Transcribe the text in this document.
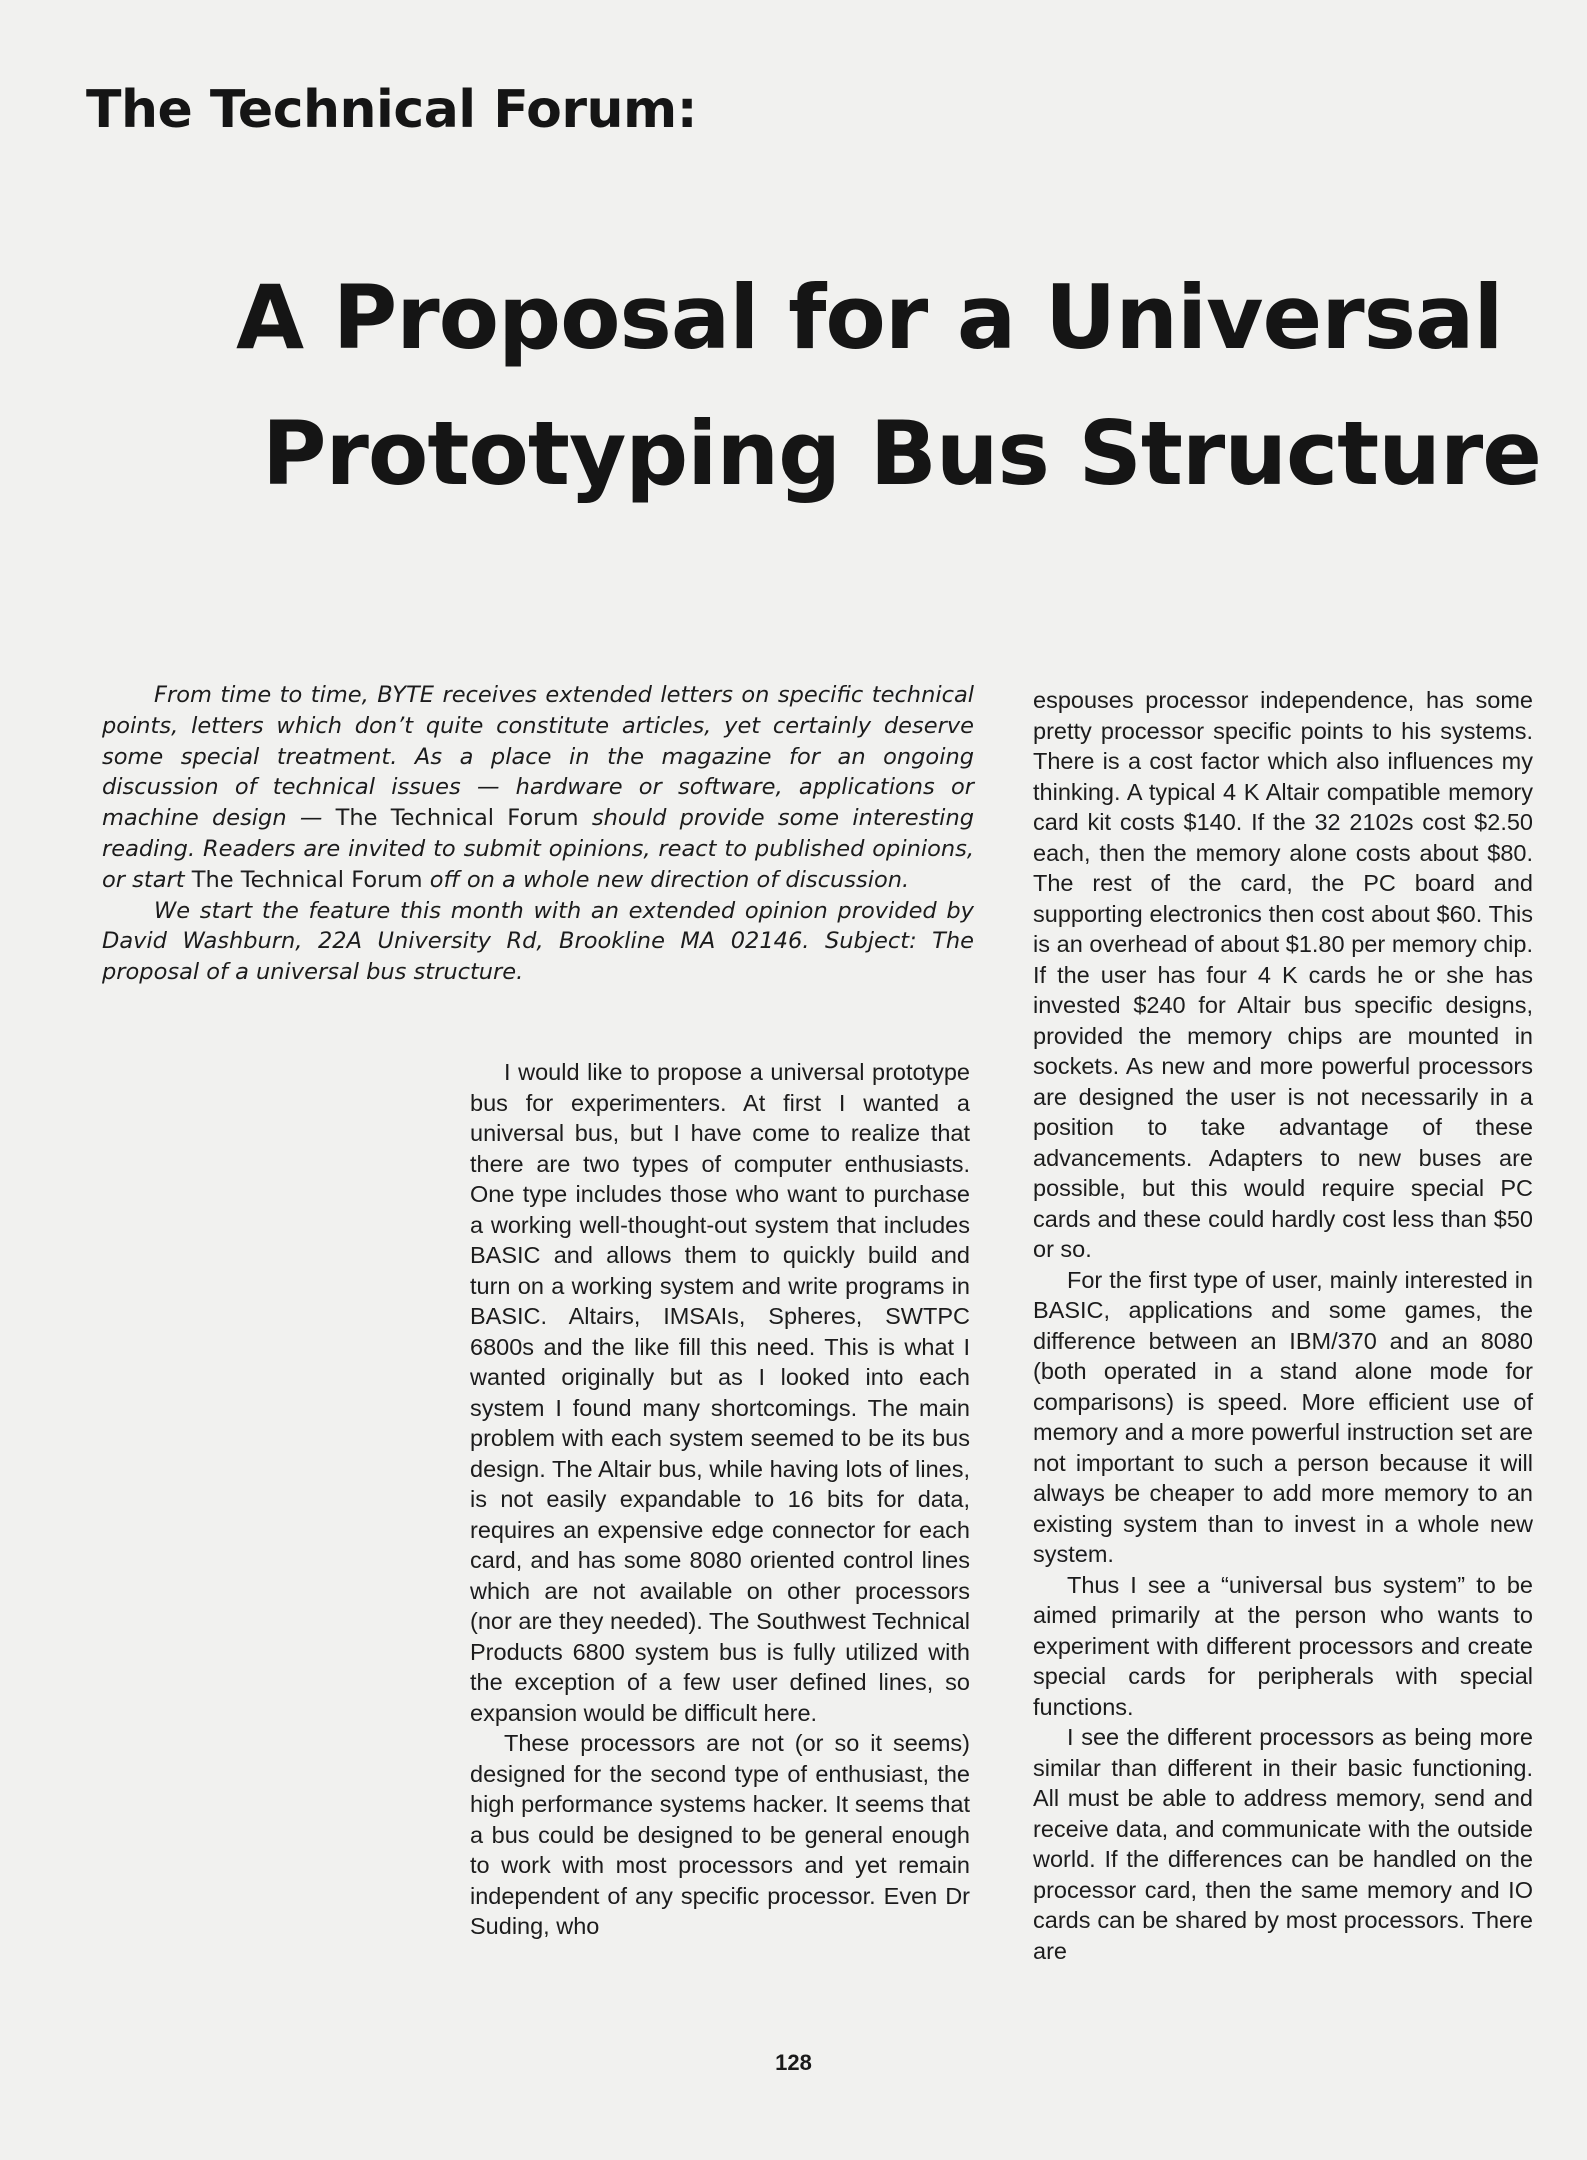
The Technical Forum:
A Proposal for a Universal
Prototyping Bus Structure

From time to time, BYTE receives extended letters on specific technical points, letters which don’t quite constitute articles, yet certainly deserve some special treatment. As a place in the magazine for an ongoing discussion of technical issues — hardware or software, applications or machine design — The Technical Forum should provide some interesting reading. Readers are invited to submit opinions, react to published opinions, or start The Technical Forum off on a whole new direction of discussion.

We start the feature this month with an extended opinion provided by David Washburn, 22A University Rd, Brookline MA 02146. Subject: The proposal of a universal bus structure.

I would like to propose a universal prototype bus for experimenters. At first I wanted a universal bus, but I have come to realize that there are two types of computer enthusiasts. One type includes those who want to purchase a working well-thought-out system that includes BASIC and allows them to quickly build and turn on a working system and write programs in BASIC. Altairs, IMSAIs, Spheres, SWTPC 6800s and the like fill this need. This is what I wanted originally but as I looked into each system I found many shortcomings. The main problem with each system seemed to be its bus design. The Altair bus, while having lots of lines, is not easily expandable to 16 bits for data, requires an expensive edge connector for each card, and has some 8080 oriented control lines which are not available on other processors (nor are they needed). The Southwest Technical Products 6800 system bus is fully utilized with the exception of a few user defined lines, so expansion would be difficult here.

These processors are not (or so it seems) designed for the second type of enthusiast, the high performance systems hacker. It seems that a bus could be designed to be general enough to work with most processors and yet remain independent of any specific processor. Even Dr Suding, who

espouses processor independence, has some pretty processor specific points to his systems. There is a cost factor which also influences my thinking. A typical 4 K Altair compatible memory card kit costs $140. If the 32 2102s cost $2.50 each, then the memory alone costs about $80. The rest of the card, the PC board and supporting electronics then cost about $60. This is an overhead of about $1.80 per memory chip. If the user has four 4 K cards he or she has invested $240 for Altair bus specific designs, provided the memory chips are mounted in sockets. As new and more powerful processors are designed the user is not necessarily in a position to take advantage of these advancements. Adapters to new buses are possible, but this would require special PC cards and these could hardly cost less than $50 or so.

For the first type of user, mainly interested in BASIC, applications and some games, the difference between an IBM/370 and an 8080 (both operated in a stand alone mode for comparisons) is speed. More efficient use of memory and a more powerful instruction set are not important to such a person because it will always be cheaper to add more memory to an existing system than to invest in a whole new system.

Thus I see a “universal bus system” to be aimed primarily at the person who wants to experiment with different processors and create special cards for peripherals with special functions.

I see the different processors as being more similar than different in their basic functioning. All must be able to address memory, send and receive data, and communicate with the outside world. If the differences can be handled on the processor card, then the same memory and IO cards can be shared by most processors. There are

128
